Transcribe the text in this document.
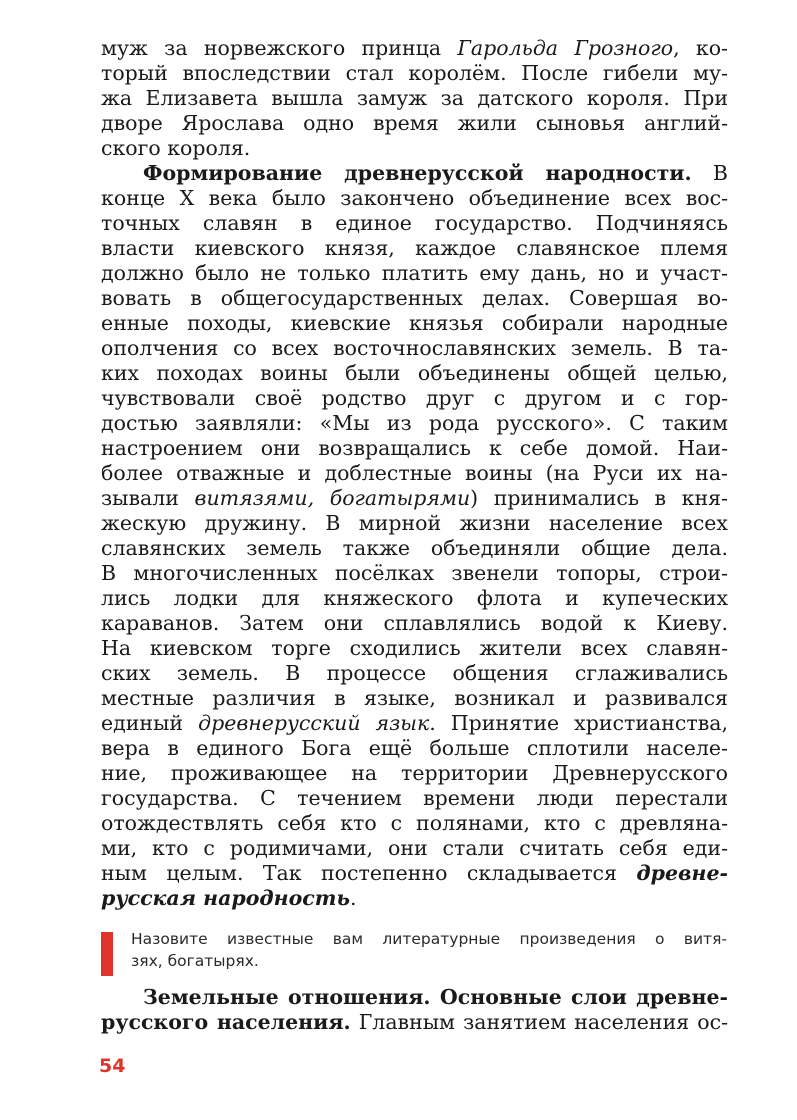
муж за норвежского принца Гарольда Грозного, ко-
торый впоследствии стал королём. После гибели му-
жа Елизавета вышла замуж за датского короля. При
дворе Ярослава одно время жили сыновья англий-
ского короля.
Формирование древнерусской народности. В
конце X века было закончено объединение всех вос-
точных славян в единое государство. Подчиняясь
власти киевского князя, каждое славянское племя
должно было не только платить ему дань, но и участ-
вовать в общегосударственных делах. Совершая во-
енные походы, киевские князья собирали народные
ополчения со всех восточнославянских земель. В та-
ких походах воины были объединены общей целью,
чувствовали своё родство друг с другом и с гор-
достью заявляли: «Мы из рода русского». С таким
настроением они возвращались к себе домой. Наи-
более отважные и доблестные воины (на Руси их на-
зывали витязями, богатырями) принимались в кня-
жескую дружину. В мирной жизни население всех
славянских земель также объединяли общие дела.
В многочисленных посёлках звенели топоры, строи-
лись лодки для княжеского флота и купеческих
караванов. Затем они сплавлялись водой к Киеву.
На киевском торге сходились жители всех славян-
ских земель. В процессе общения сглаживались
местные различия в языке, возникал и развивался
единый древнерусский язык. Принятие христианства,
вера в единого Бога ещё больше сплотили населе-
ние, проживающее на территории Древнерусского
государства. С течением времени люди перестали
отождествлять себя кто с полянами, кто с древляна-
ми, кто с родимичами, они стали считать себя еди-
ным целым. Так постепенно складывается древне-
русская народность.
Назовите известные вам литературные произведения о витя-
зях, богатырях.
Земельные отношения. Основные слои древне-
русского населения. Главным занятием населения ос-
54
